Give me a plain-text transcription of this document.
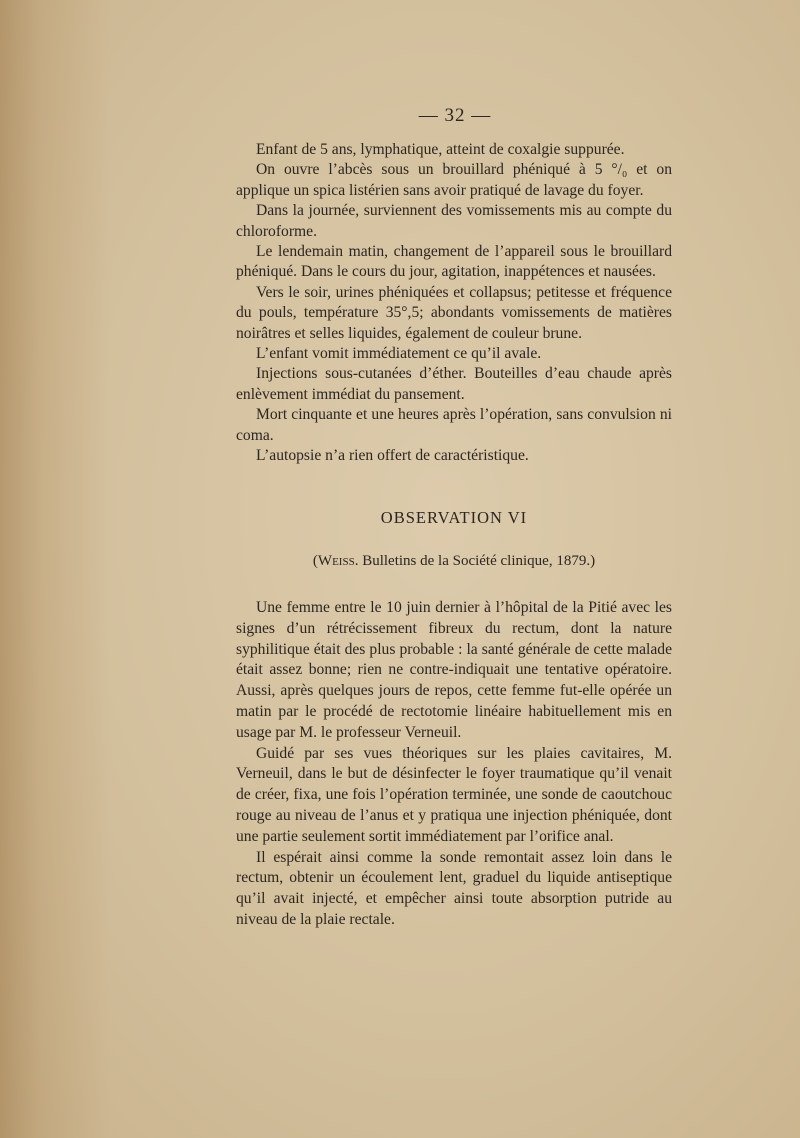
— 32 —

Enfant de 5 ans, lymphatique, atteint de coxalgie suppurée.

On ouvre l’abcès sous un brouillard phéniqué à 5 °/₀ et on applique un spica listérien sans avoir pratiqué de lavage du foyer.

Dans la journée, surviennent des vomissements mis au compte du chloroforme.

Le lendemain matin, changement de l’appareil sous le brouillard phéniqué. Dans le cours du jour, agitation, inappétences et nausées.

Vers le soir, urines phéniquées et collapsus; petitesse et fréquence du pouls, température 35°,5; abondants vomissements de matières noirâtres et selles liquides, également de couleur brune.

L’enfant vomit immédiatement ce qu’il avale.

Injections sous-cutanées d’éther. Bouteilles d’eau chaude après enlèvement immédiat du pansement.

Mort cinquante et une heures après l’opération, sans convulsion ni coma.

L’autopsie n’a rien offert de caractéristique.

OBSERVATION VI
(Weiss. Bulletins de la Société clinique, 1879.)

Une femme entre le 10 juin dernier à l’hôpital de la Pitié avec les signes d’un rétrécissement fibreux du rectum, dont la nature syphilitique était des plus probable : la santé générale de cette malade était assez bonne; rien ne contre-indiquait une tentative opératoire. Aussi, après quelques jours de repos, cette femme fut-elle opérée un matin par le procédé de rectotomie linéaire habituellement mis en usage par M. le professeur Verneuil.

Guidé par ses vues théoriques sur les plaies cavitaires, M. Verneuil, dans le but de désinfecter le foyer traumatique qu’il venait de créer, fixa, une fois l’opération terminée, une sonde de caoutchouc rouge au niveau de l’anus et y pratiqua une injection phéniquée, dont une partie seulement sortit immédiatement par l’orifice anal.

Il espérait ainsi comme la sonde remontait assez loin dans le rectum, obtenir un écoulement lent, graduel du liquide antiseptique qu’il avait injecté, et empêcher ainsi toute absorption putride au niveau de la plaie rectale.
